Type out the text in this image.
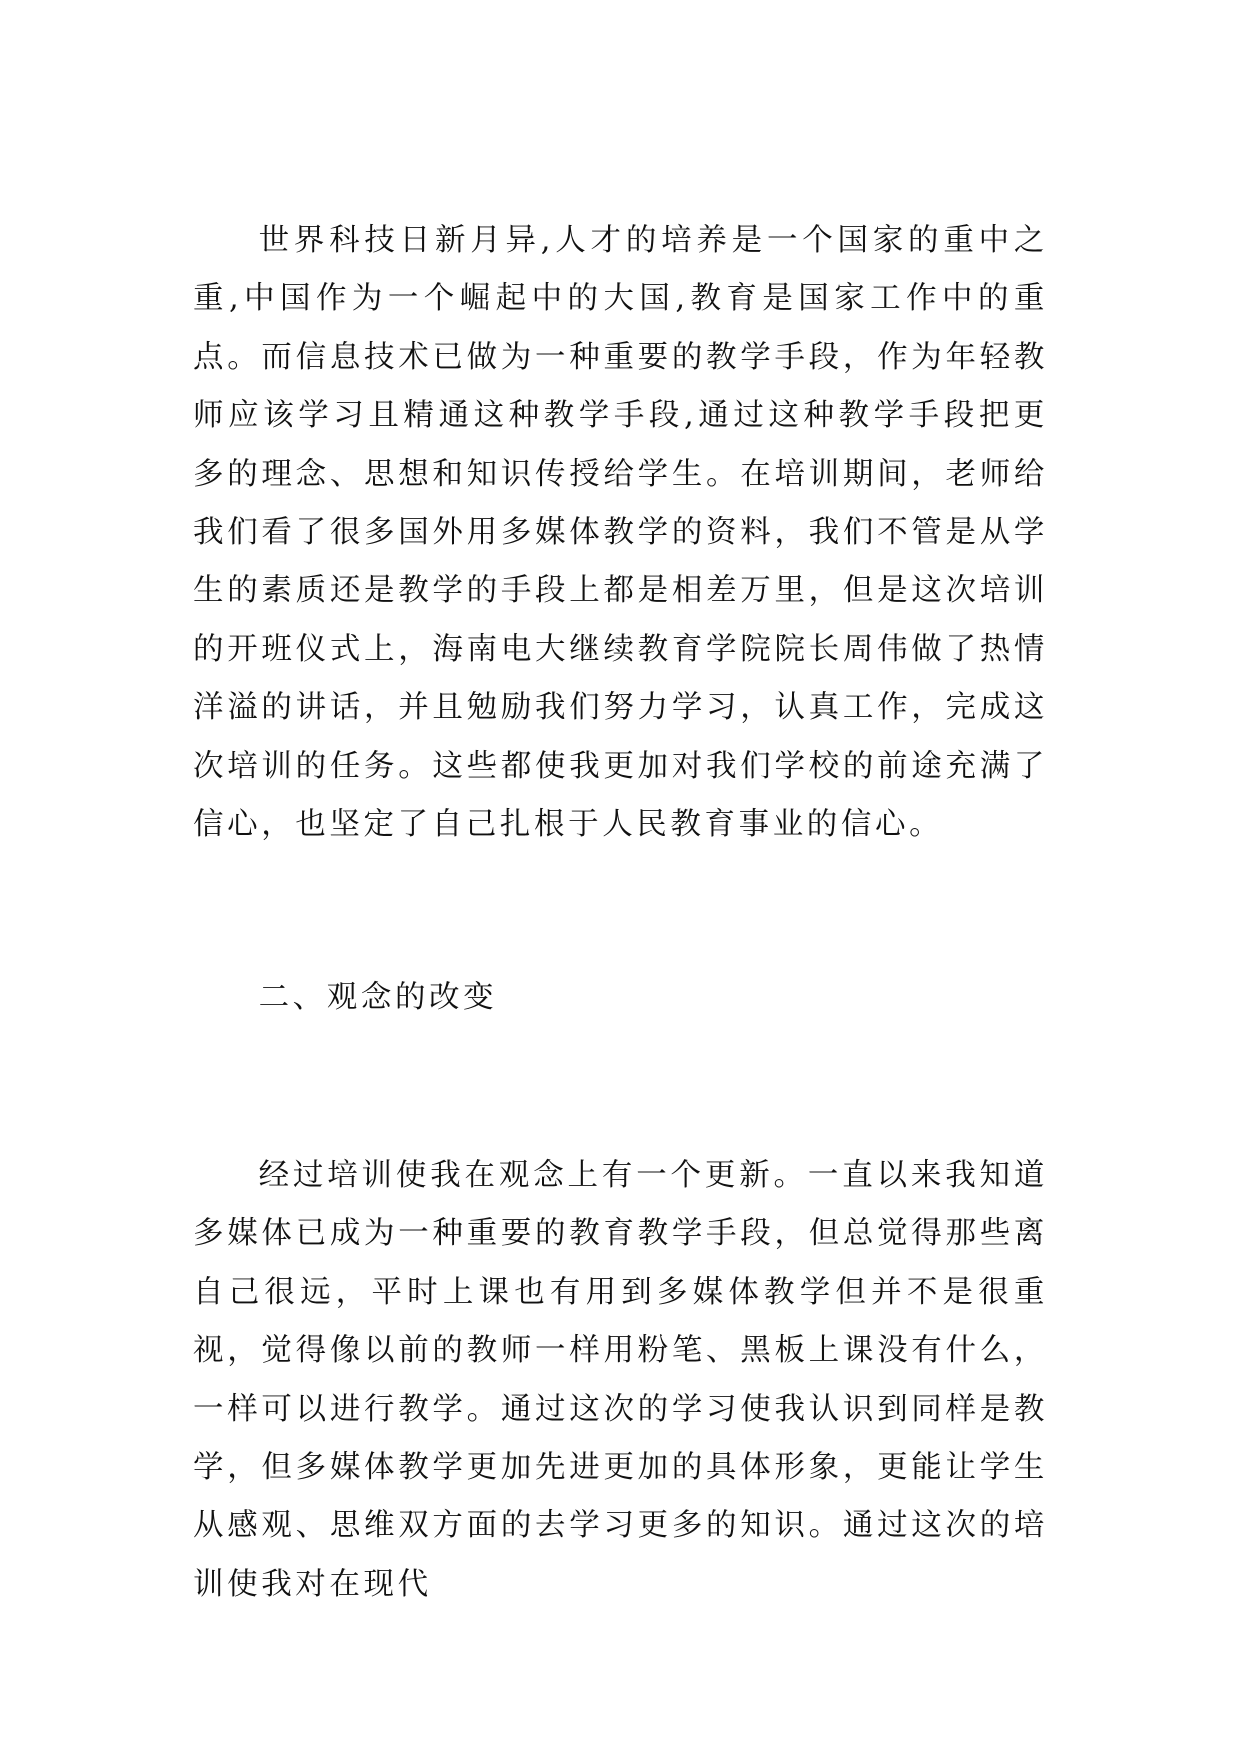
世界科技日新月异,人才的培养是一个国家的重中之重,中国作为一个崛起中的大国,教育是国家工作中的重点。而信息技术已做为一种重要的教学手段，作为年轻教师应该学习且精通这种教学手段,通过这种教学手段把更多的理念、思想和知识传授给学生。在培训期间，老师给我们看了很多国外用多媒体教学的资料，我们不管是从学生的素质还是教学的手段上都是相差万里，但是这次培训的开班仪式上，海南电大继续教育学院院长周伟做了热情洋溢的讲话，并且勉励我们努力学习，认真工作，完成这次培训的任务。这些都使我更加对我们学校的前途充满了信心，也坚定了自己扎根于人民教育事业的信心。

二、观念的改变

经过培训使我在观念上有一个更新。一直以来我知道多媒体已成为一种重要的教育教学手段，但总觉得那些离自己很远，平时上课也有用到多媒体教学但并不是很重视，觉得像以前的教师一样用粉笔、黑板上课没有什么，一样可以进行教学。通过这次的学习使我认识到同样是教学，但多媒体教学更加先进更加的具体形象，更能让学生从感观、思维双方面的去学习更多的知识。通过这次的培训使我对在现代
